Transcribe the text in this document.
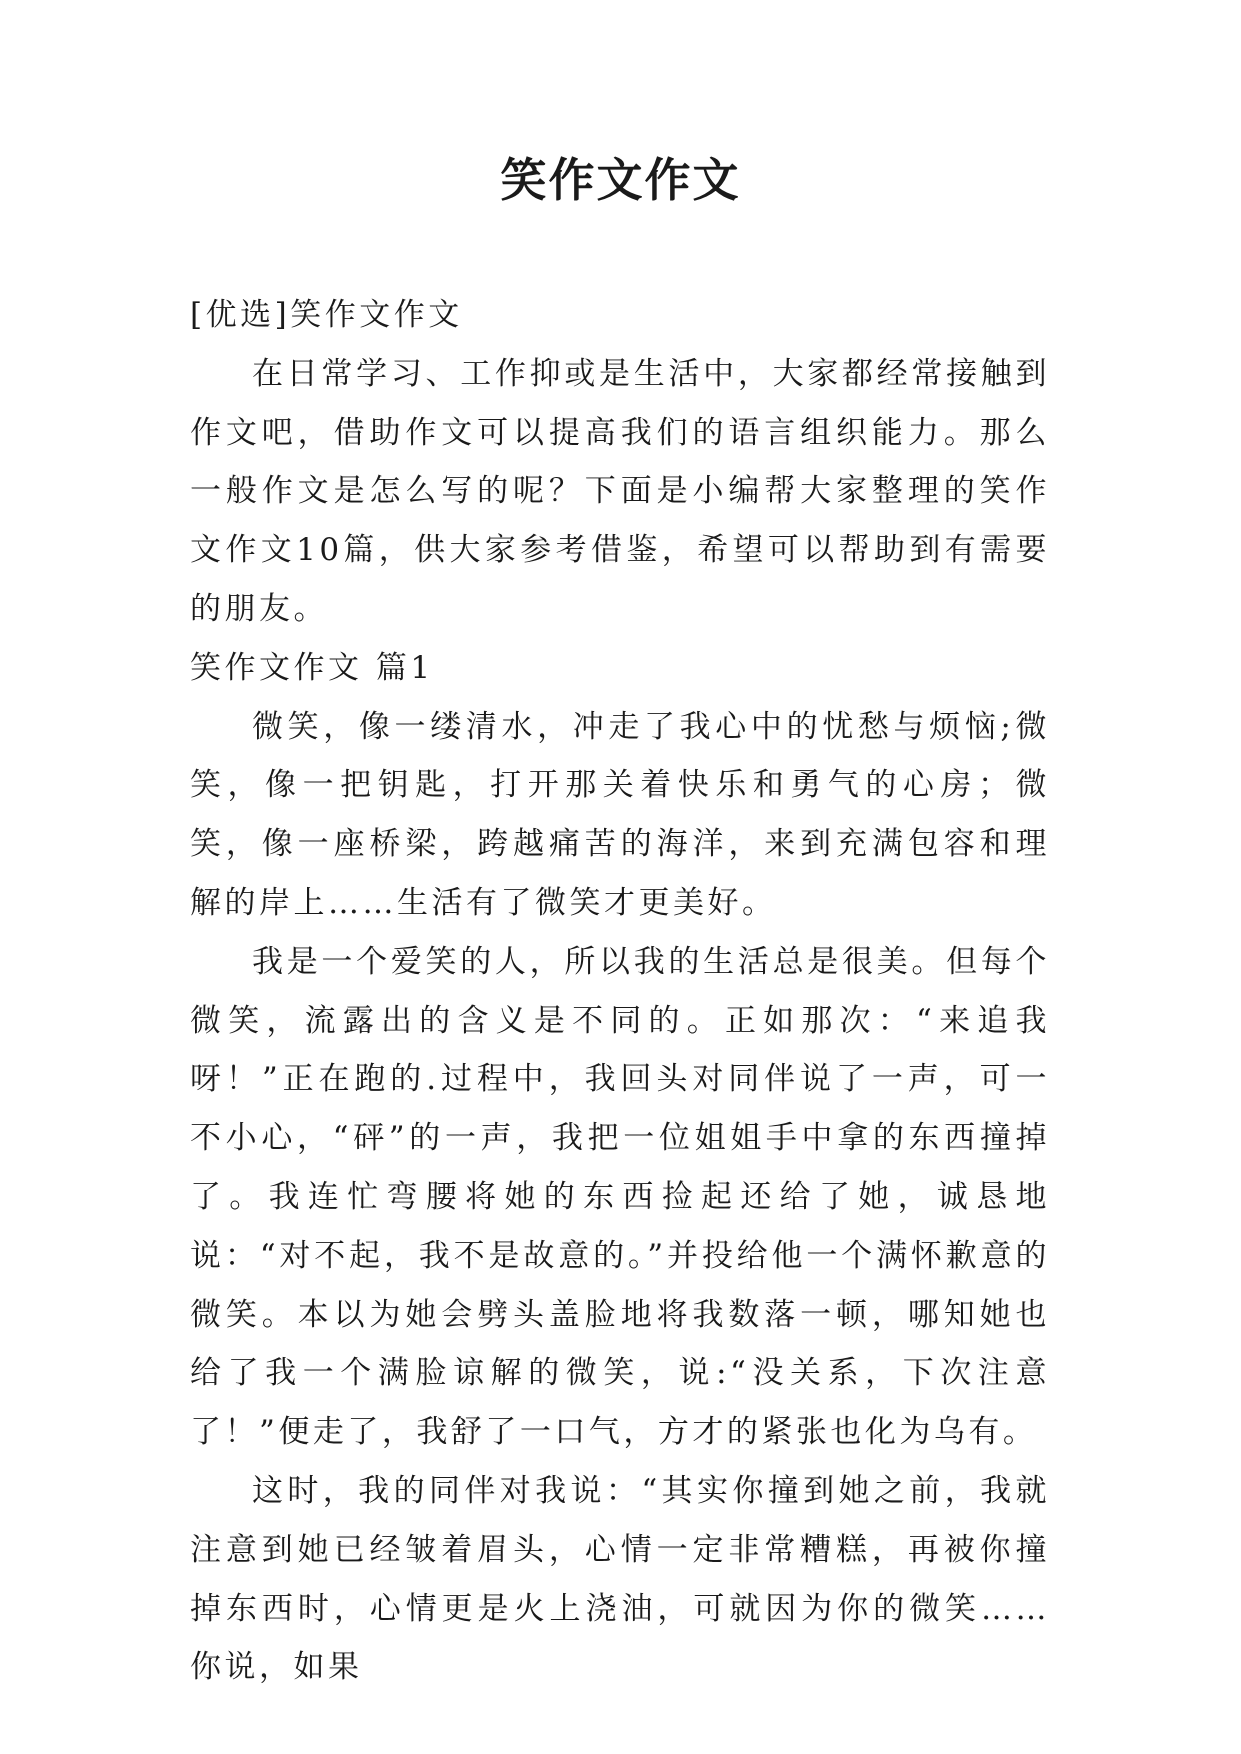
笑作文作文

[优选]笑作文作文

在日常学习、工作抑或是生活中，大家都经常接触到作文吧，借助作文可以提高我们的语言组织能力。那么一般作文是怎么写的呢？下面是小编帮大家整理的笑作文作文10篇，供大家参考借鉴，希望可以帮助到有需要的朋友。

笑作文作文 篇1

微笑，像一缕清水，冲走了我心中的忧愁与烦恼;微笑，像一把钥匙，打开那关着快乐和勇气的心房；微笑，像一座桥梁，跨越痛苦的海洋，来到充满包容和理解的岸上……生活有了微笑才更美好。

我是一个爱笑的人，所以我的生活总是很美。但每个微笑，流露出的含义是不同的。正如那次：“来追我呀！”正在跑的.过程中，我回头对同伴说了一声，可一不小心，“砰”的一声，我把一位姐姐手中拿的东西撞掉了。我连忙弯腰将她的东西捡起还给了她，诚恳地说：“对不起，我不是故意的。”并投给他一个满怀歉意的微笑。本以为她会劈头盖脸地将我数落一顿，哪知她也给了我一个满脸谅解的微笑，说:“没关系，下次注意了！”便走了，我舒了一口气，方才的紧张也化为乌有。

这时，我的同伴对我说：“其实你撞到她之前，我就注意到她已经皱着眉头，心情一定非常糟糕，再被你撞掉东西时，心情更是火上浇油，可就因为你的微笑……你说，如果
